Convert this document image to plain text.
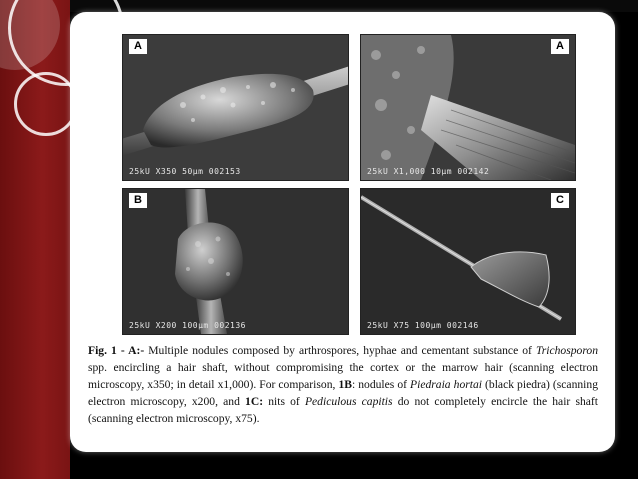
A
25kU X350 50µm 002153
A
25kU X1,000 10µm 002142
B
25kU X200 100µm 002136
C
25kU X75 100µm 002146
Fig. 1 - A:- Multiple nodules composed by arthrospores, hyphae and cementant substance of Trichosporon spp. encircling a hair shaft, without compromising the cortex or the marrow hair (scanning electron microscopy, x350; in detail x1,000). For comparison, 1B: nodules of Piedraia hortai (black piedra) (scanning electron microscopy, x200, and 1C: nits of Pediculous capitis do not completely encircle the hair shaft (scanning electron microscopy, x75).
